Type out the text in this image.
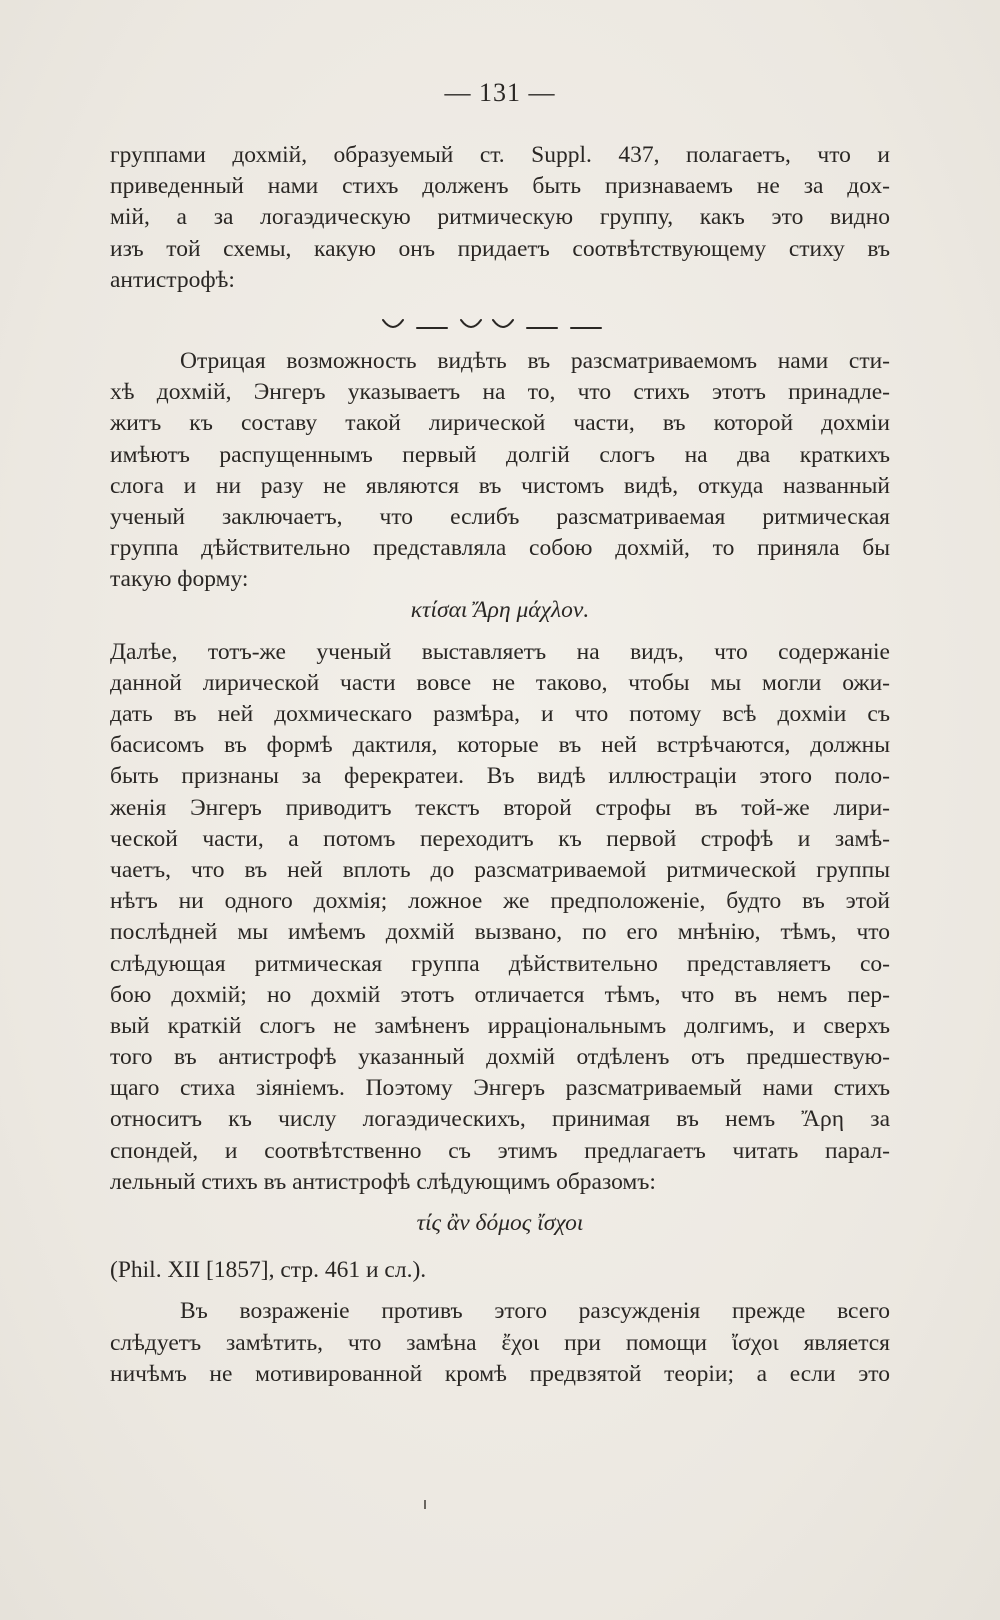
— 131 —
группами дохмій, образуемый ст. Suppl. 437, полагаетъ, что и
приведенный нами стихъ долженъ быть признаваемъ не за дох-
мій, а за логаэдическую ритмическую группу, какъ это видно
изъ той схемы, какую онъ придаетъ соотвѣтствующему стиху въ
антистрофѣ:
Отрицая возможность видѣть въ разсматриваемомъ нами сти-
хѣ дохмій, Энгеръ указываетъ на то, что стихъ этотъ принадле-
житъ къ составу такой лирической части, въ которой дохміи
имѣютъ распущеннымъ первый долгій слогъ на два краткихъ
слога и ни разу не являются въ чистомъ видѣ, откуда названный
ученый заключаетъ, что еслибъ разсматриваемая ритмическая
группа дѣйствительно представляла собою дохмій, то приняла бы
такую форму:
κτίσαι Ἄρη μάχλον.
Далѣе, тотъ-же ученый выставляетъ на видъ, что содержаніе
данной лирической части вовсе не таково, чтобы мы могли ожи-
дать въ ней дохмическаго размѣра, и что потому всѣ дохміи съ
басисомъ въ формѣ дактиля, которые въ ней встрѣчаются, должны
быть признаны за ферекратеи. Въ видѣ иллюстраціи этого поло-
женія Энгеръ приводитъ текстъ второй строфы въ той-же лири-
ческой части, а потомъ переходитъ къ первой строфѣ и замѣ-
чаетъ, что въ ней вплоть до разсматриваемой ритмической группы
нѣтъ ни одного дохмія; ложное же предположеніе, будто въ этой
послѣдней мы имѣемъ дохмій вызвано, по его мнѣнію, тѣмъ, что
слѣдующая ритмическая группа дѣйствительно представляетъ со-
бою дохмій; но дохмій этотъ отличается тѣмъ, что въ немъ пер-
вый краткій слогъ не замѣненъ ирраціональнымъ долгимъ, и сверхъ
того въ антистрофѣ указанный дохмій отдѣленъ отъ предшествую-
щаго стиха зіяніемъ. Поэтому Энгеръ разсматриваемый нами стихъ
относитъ къ числу логаэдическихъ, принимая въ немъ Ἄρη за
спондей, и соотвѣтственно съ этимъ предлагаетъ читать парал-
лельный стихъ въ антистрофѣ слѣдующимъ образомъ:
τίς ἂν δόμος ἴσχοι
(Phil. XII [1857], стр. 461 и сл.).
Въ возраженіе противъ этого разсужденія прежде всего
слѣдуетъ замѣтить, что замѣна ἔχοι при помощи ἴσχοι является
ничѣмъ не мотивированной кромѣ предвзятой теоріи; а если это
